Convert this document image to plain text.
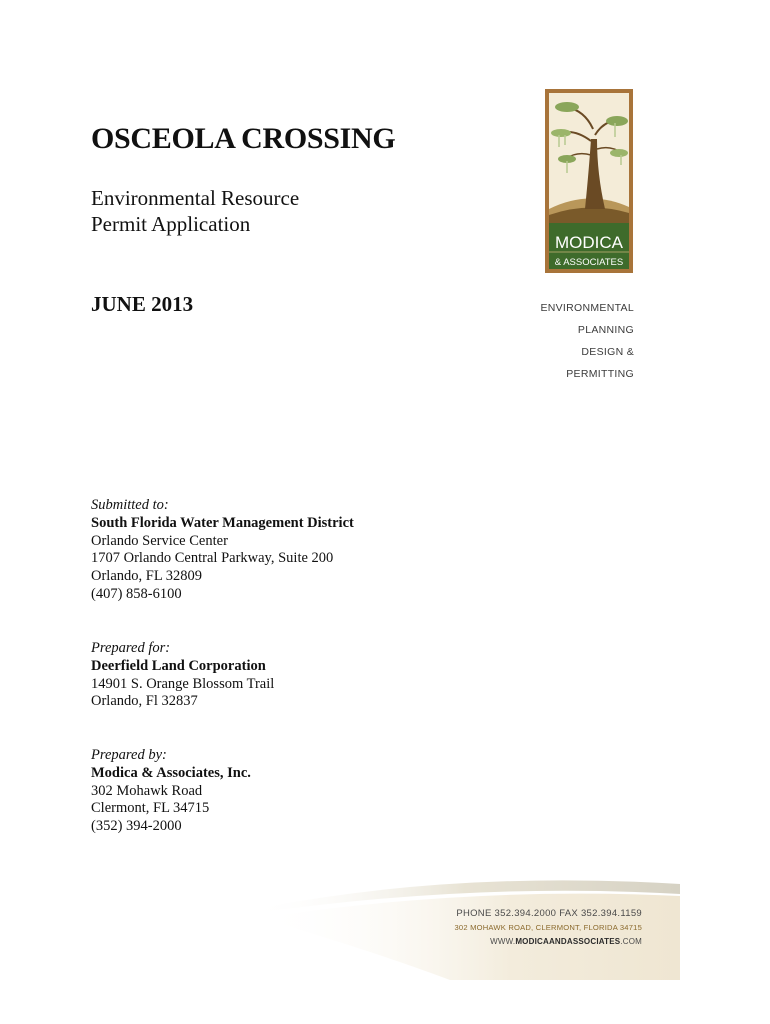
OSCEOLA CROSSING
Environmental Resource
Permit Application
JUNE 2013
MODICA
& ASSOCIATES
ENVIRONMENTAL
PLANNING
DESIGN &
PERMITTING
Submitted to:
South Florida Water Management District
Orlando Service Center
1707 Orlando Central Parkway, Suite 200
Orlando, FL 32809
(407) 858-6100
Prepared for:
Deerfield Land Corporation
14901 S. Orange Blossom Trail
Orlando, Fl 32837
Prepared by:
Modica & Associates, Inc.
302 Mohawk Road
Clermont, FL 34715
(352) 394-2000
PHONE 352.394.2000 FAX 352.394.1159
302 MOHAWK ROAD, CLERMONT, FLORIDA 34715
WWW.MODICAANDASSOCIATES.COM
